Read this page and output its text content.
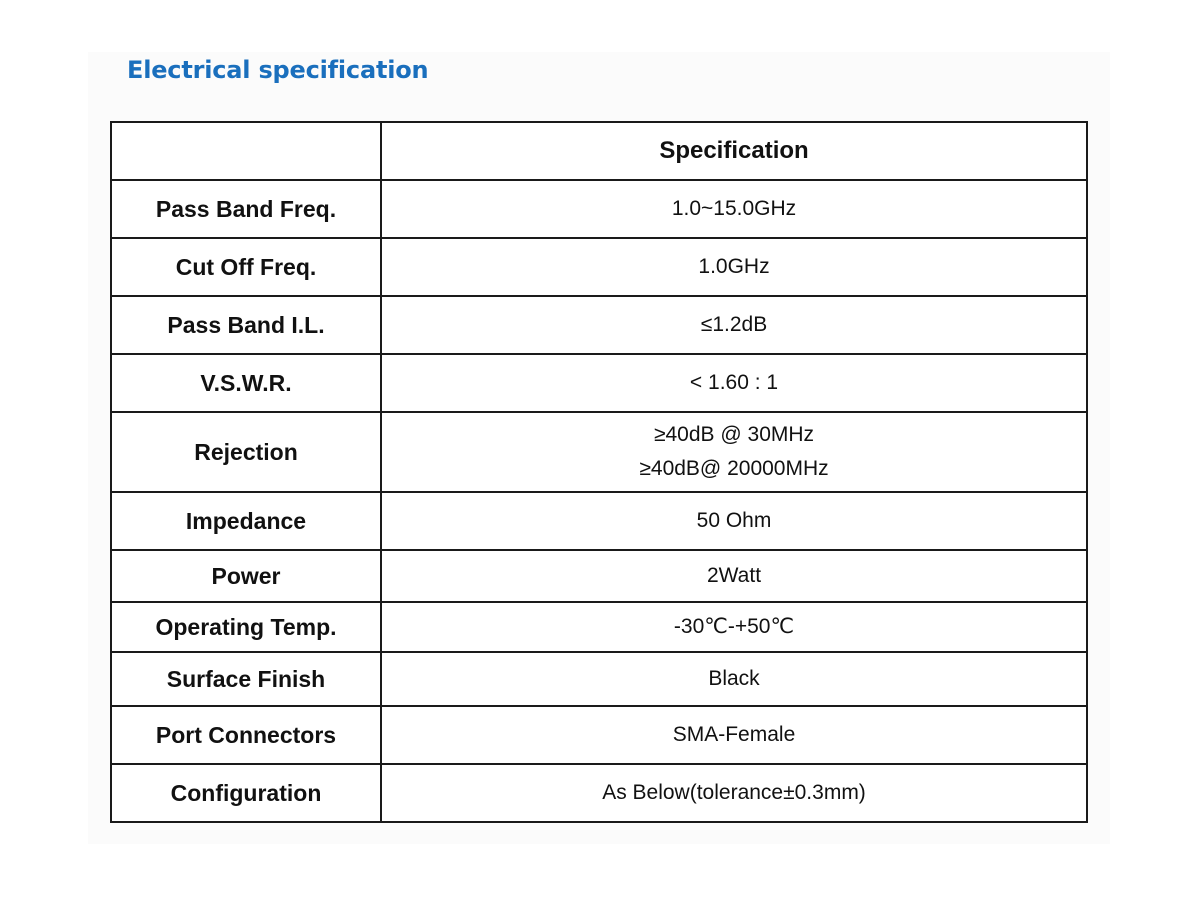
Electrical specification
	Specification
Pass Band Freq.	1.0~15.0GHz

Cut Off Freq.	1.0GHz

Pass Band I.L.	≤1.2dB

V.S.W.R.	< 1.60 : 1

Rejection	≥40dB @ 30MHz
≥40dB@ 20000MHz

Impedance	50 Ohm

Power	2Watt

Operating Temp.	-30℃-+50℃

Surface Finish	Black

Port Connectors	SMA-Female

Configuration	As Below(tolerance±0.3mm)
